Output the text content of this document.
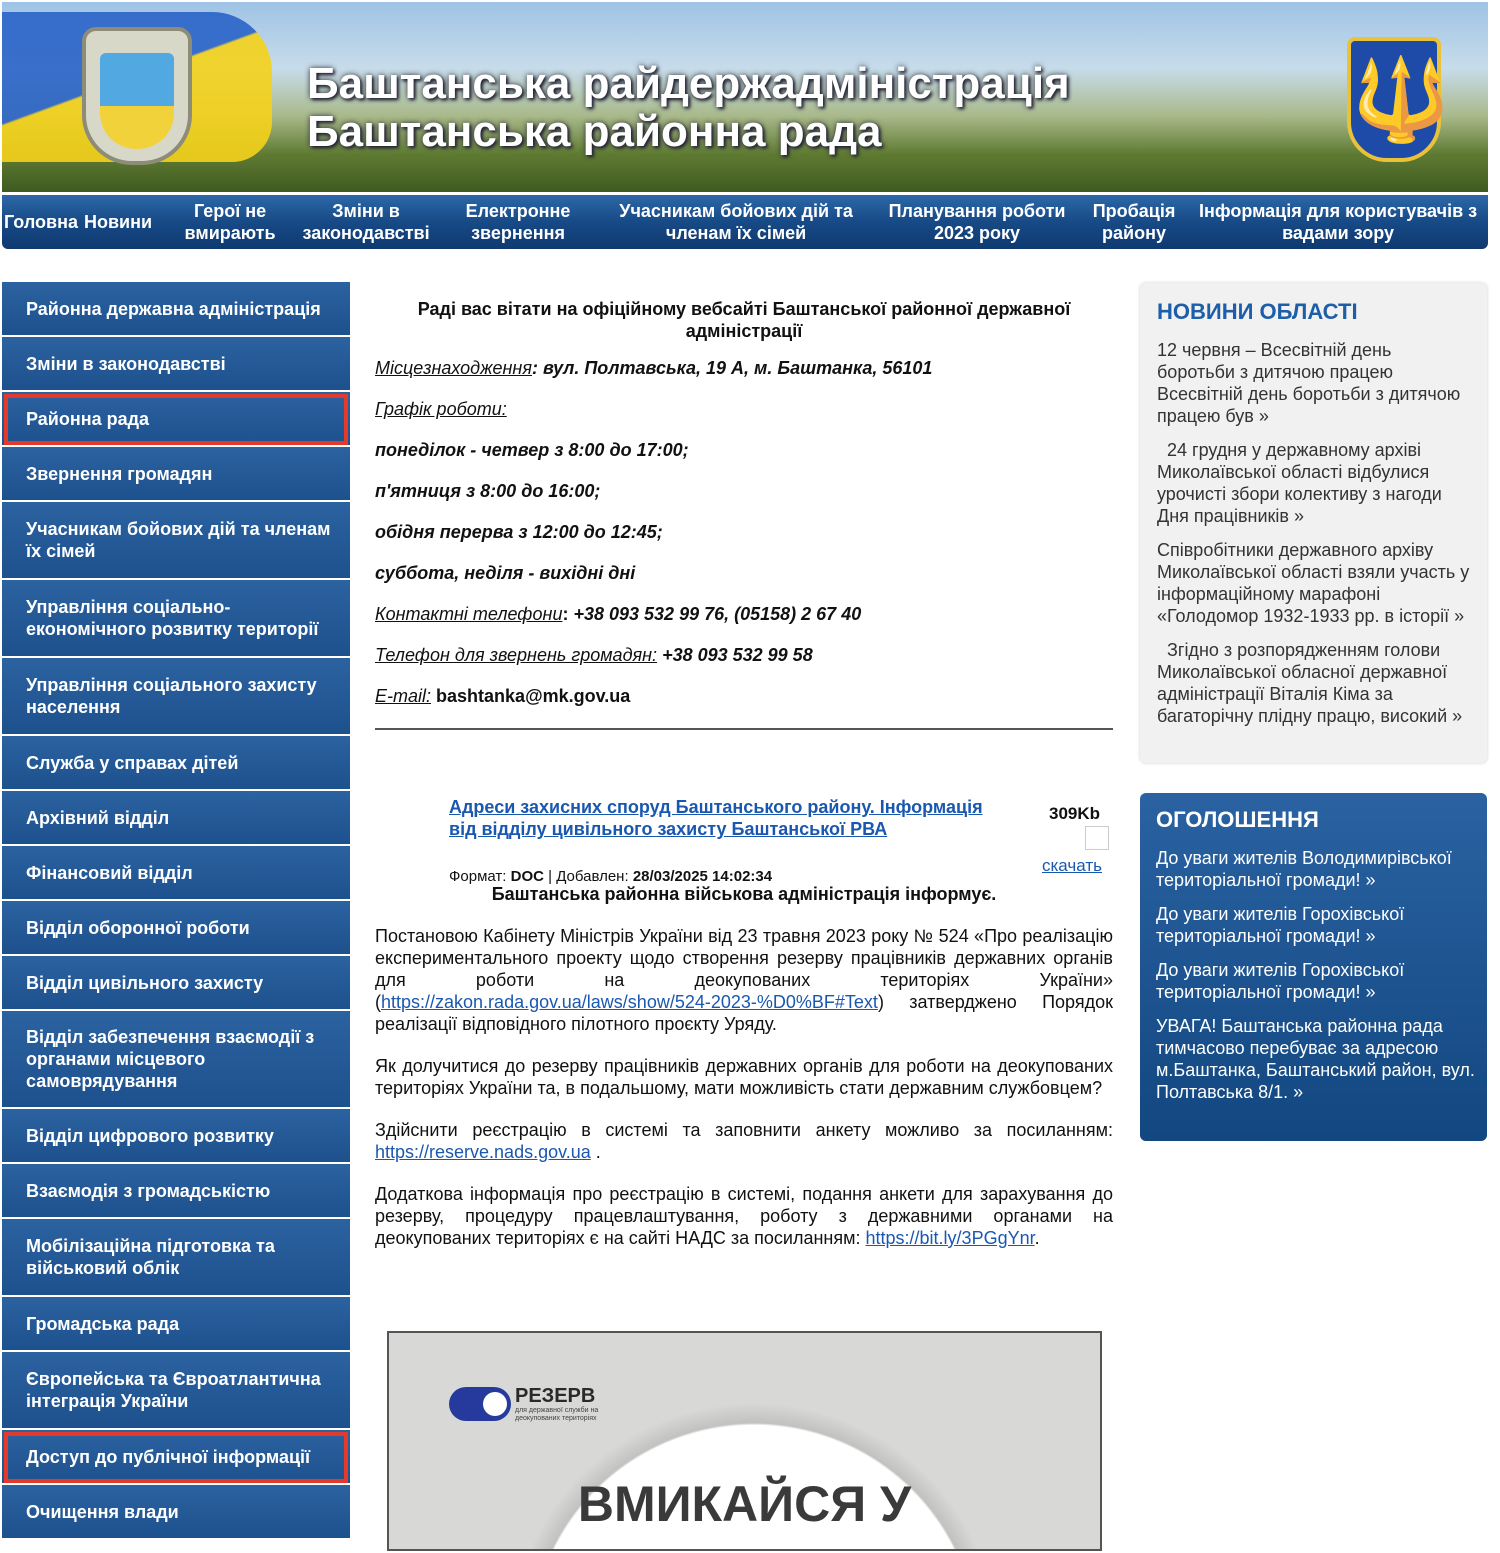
Баштанська райдержадміністрація
Баштанська районна рада	🔱
Головна Новини
Герої не вмирають
Зміни в законодавстві
Електронне звернення
Учасникам бойових дій та членам їх сімей
Планування роботи 2023 року
Пробація району
Інформація для користувачів з вадами зору
Районна державна адміністрація
Зміни в законодавстві
Районна рада
Звернення громадян
Учасникам бойових дій та членам їх сімей
Управління соціально-економічного розвитку території
Управління соціального захисту населення
Служба у справах дітей
Архівний відділ
Фінансовий відділ
Відділ оборонної роботи
Відділ цивільного захисту
Відділ забезпечення взаємодії з органами місцевого самоврядування
Відділ цифрового розвитку
Взаємодія з громадськістю
Мобілізаційна підготовка та військовий облік
Громадська рада
Європейська та Євроатлантична інтеграція України
Доступ до публічної інформації
Очищення влади
Раді вас вітати на офіційному вебсайті Баштанської районної державної адміністрації
Місцезнаходження: вул. Полтавська, 19 А, м. Баштанка, 56101
Графік роботи:
понеділок - четвер з 8:00 до 17:00;
п'ятниця з 8:00 до 16:00;
обідня перерва з 12:00 до 12:45;
суббота, неділя - вихідні дні
Контактні телефони: +38 093 532 99 76, (05158) 2 67 40
Телефон для звернень громадян: +38 093 532 99 58
E-mail: bashtanka@mk.gov.ua
Адреси захисних споруд Баштанського району. Інформація від відділу цивільного захисту Баштанської РВА
Формат: DOC | Добавлен: 28/03/2025 14:02:34
309Kb
скачать
Баштанська районна військова адміністрація інформує.

Постановою Кабінету Міністрів України від 23 травня 2023 року № 524 «Про реалізацію експериментального проекту щодо створення резерву працівників державних органів для роботи на деокупованих територіях України» (https://zakon.rada.gov.ua/laws/show/524-2023-%D0%BF#Text) затверджено Порядок реалізації відповідного пілотного проєкту Уряду.

Як долучитися до резерву працівників державних органів для роботи на деокупованих територіях України та, в подальшому, мати можливість стати державним службовцем?

Здійснити реєстрацію в системі та заповнити анкету можливо за посиланням: https://reserve.nads.gov.ua .

Додаткова інформація про реєстрацію в системі, подання анкети для зарахування до резерву, процедуру працевлаштування, роботу з державними органами на деокупованих територіях є на сайті НАДС за посиланням: https://bit.ly/3PGgYnr.

РЕЗЕРВ
для державної служби на деокупованих територіях
ВМИКАЙСЯ У
НОВИНИ ОБЛАСТІ
12 червня – Всесвітній день боротьби з дитячою працею Всесвітній день боротьби з дитячою працею був »
24 грудня у державному архіві Миколаївської області відбулися урочисті збори колективу з нагоди Дня працівників »
Співробітники державного архіву Миколаївської області взяли участь у інформаційному марафоні «Голодомор 1932-1933 рр. в історії »
Згідно з розпорядженням голови Миколаївської обласної державної адміністрації Віталія Кіма за багаторічну плідну працю, високий »
ОГОЛОШЕННЯ
До уваги жителів Володимирівської територіальної громади! »
До уваги жителів Горохівської територіальної громади! »
До уваги жителів Горохівської територіальної громади! »
УВАГА! Баштанська районна рада тимчасово перебуває за адресою м.Баштанка, Баштанський район, вул. Полтавська 8/1. »
